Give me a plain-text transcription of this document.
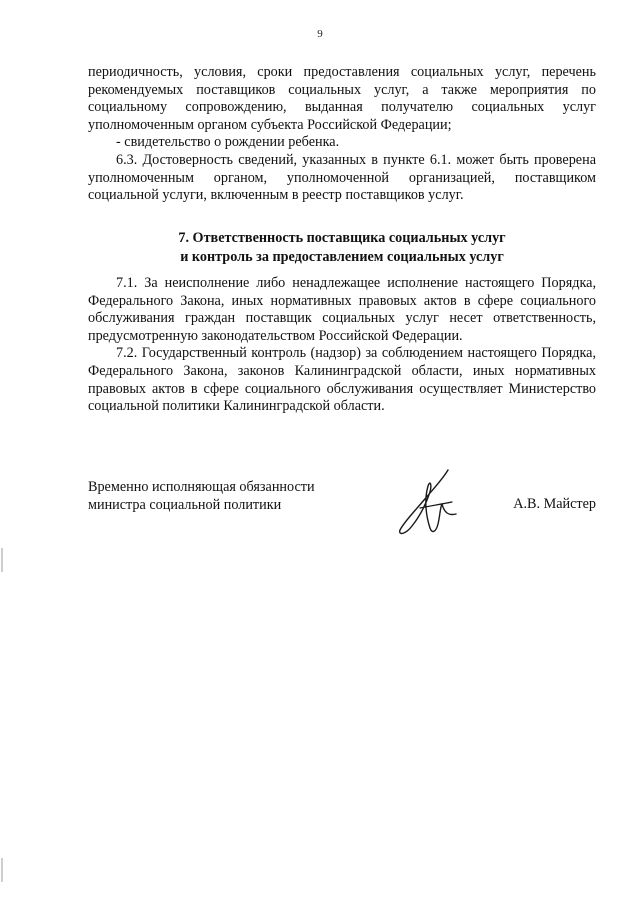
9

периодичность, условия, сроки предоставления социальных услуг, перечень рекомендуемых поставщиков социальных услуг, а также мероприятия по социальному сопровождению, выданная получателю социальных услуг уполномоченным органом субъекта Российской Федерации;

- свидетельство о рождении ребенка.

6.3. Достоверность сведений, указанных в пункте 6.1. может быть проверена уполномоченным органом, уполномоченной организацией, поставщиком социальной услуги, включенным в реестр поставщиков услуг.

7. Ответственность поставщика социальных услуг
и контроль за предоставлением социальных услуг

7.1. За неисполнение либо ненадлежащее исполнение настоящего Порядка, Федерального Закона, иных нормативных правовых актов в сфере социального обслуживания граждан поставщик социальных услуг несет ответственность, предусмотренную законодательством Российской Федерации.

7.2. Государственный контроль (надзор) за соблюдением настоящего Порядка, Федерального Закона, законов Калининградской области, иных нормативных правовых актов в сфере социального обслуживания осуществляет Министерство социальной политики Калининградской области.

Временно исполняющая обязанности
министра социальной политики	А.В. Майстер
